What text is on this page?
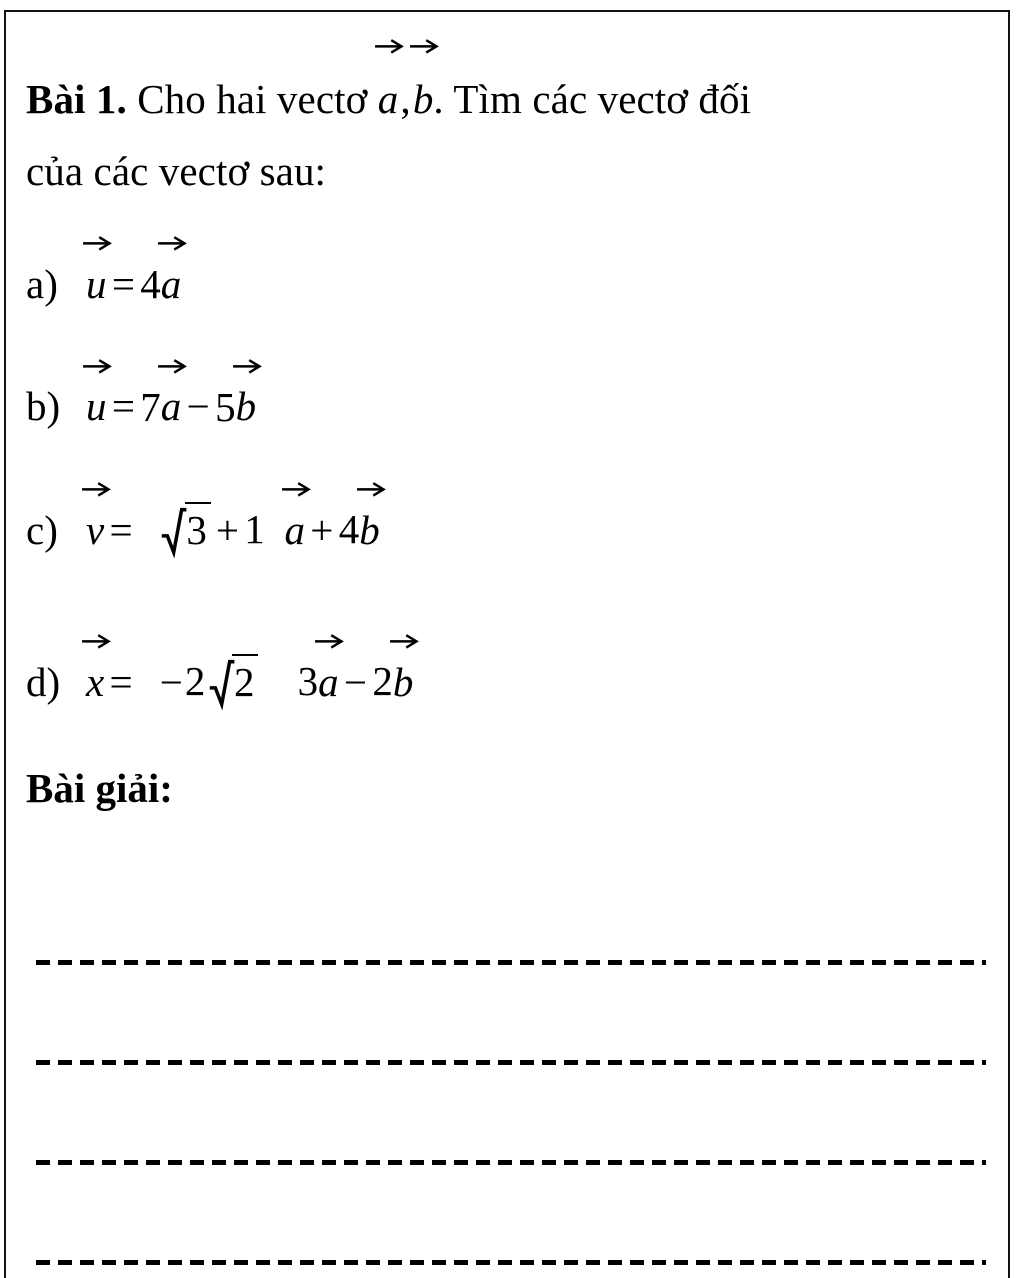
Bài 1. Cho hai vectơ
a,
b. Tìm các vectơ đối
của các vectơ sau:

a) u = 4
a
b) u = 7
a − 5
b
c) v = 3 + 1 a + 4
b
d) x = −2 2 3
a − 2
b

Bài giải:
